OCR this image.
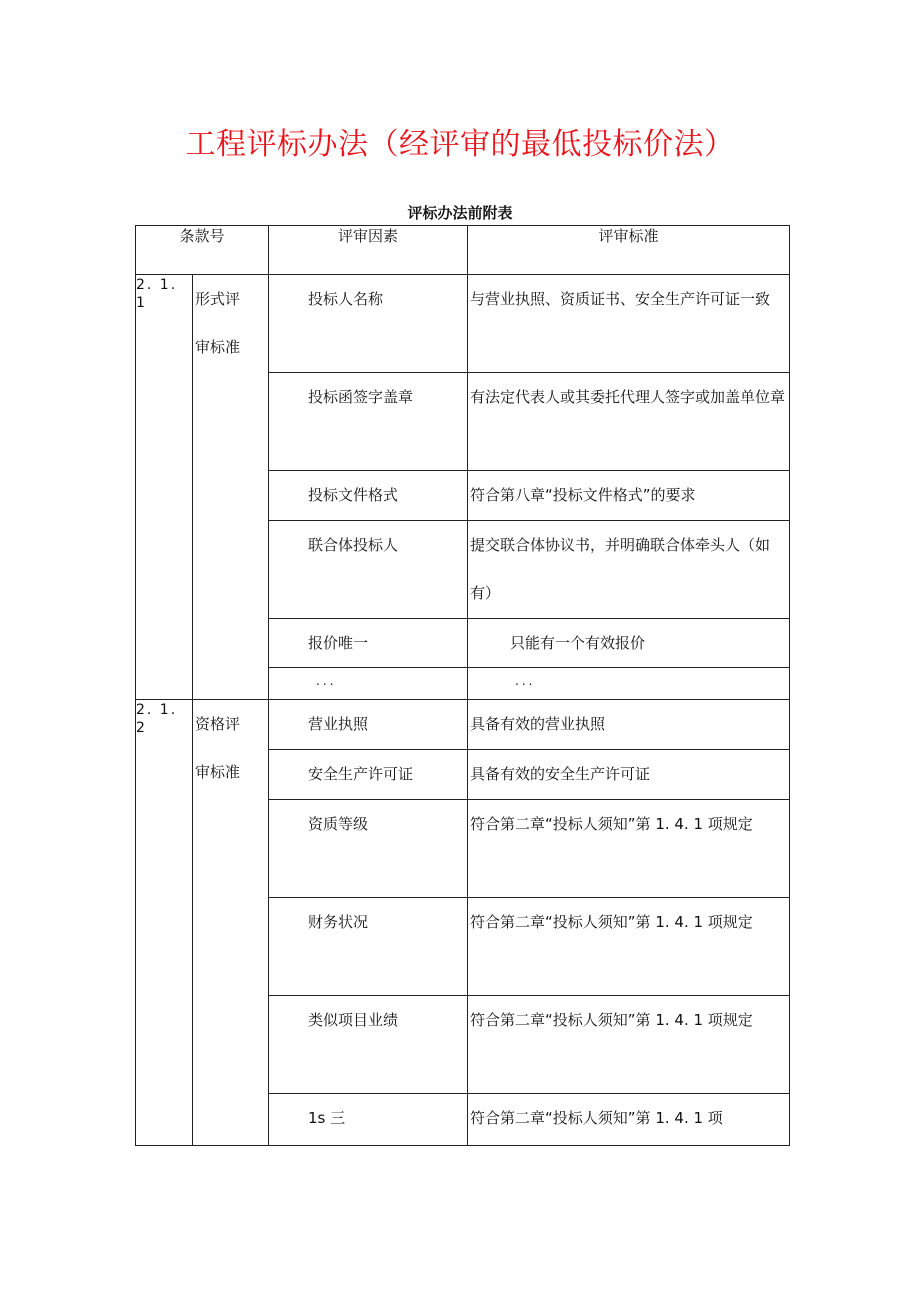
工程评标办法（经评审的最低投标价法）
评标办法前附表
条款号		评审因素	评审标准
2. 1. 1	形式评
审标准	投标人名称	与营业执照、资质证书、安全生产许可证一致

		投标函签字盖章	有法定代表人或其委托代理人签字或加盖单位章

		投标文件格式	符合第八章“投标文件格式”的要求

		联合体投标人	提交联合体协议书，并明确联合体牵头人（如有）

		报价唯一	只能有一个有效报价

		...	...

2. 1. 2	资格评
审标准	营业执照	具备有效的营业执照

		安全生产许可证	具备有效的安全生产许可证

		资质等级	符合第二章“投标人须知”第 1. 4. 1 项规定

		财务状况	符合第二章“投标人须知”第 1. 4. 1 项规定

		类似项目业绩	符合第二章“投标人须知”第 1. 4. 1 项规定

		1s 三	符合第二章“投标人须知”第 1. 4. 1 项
